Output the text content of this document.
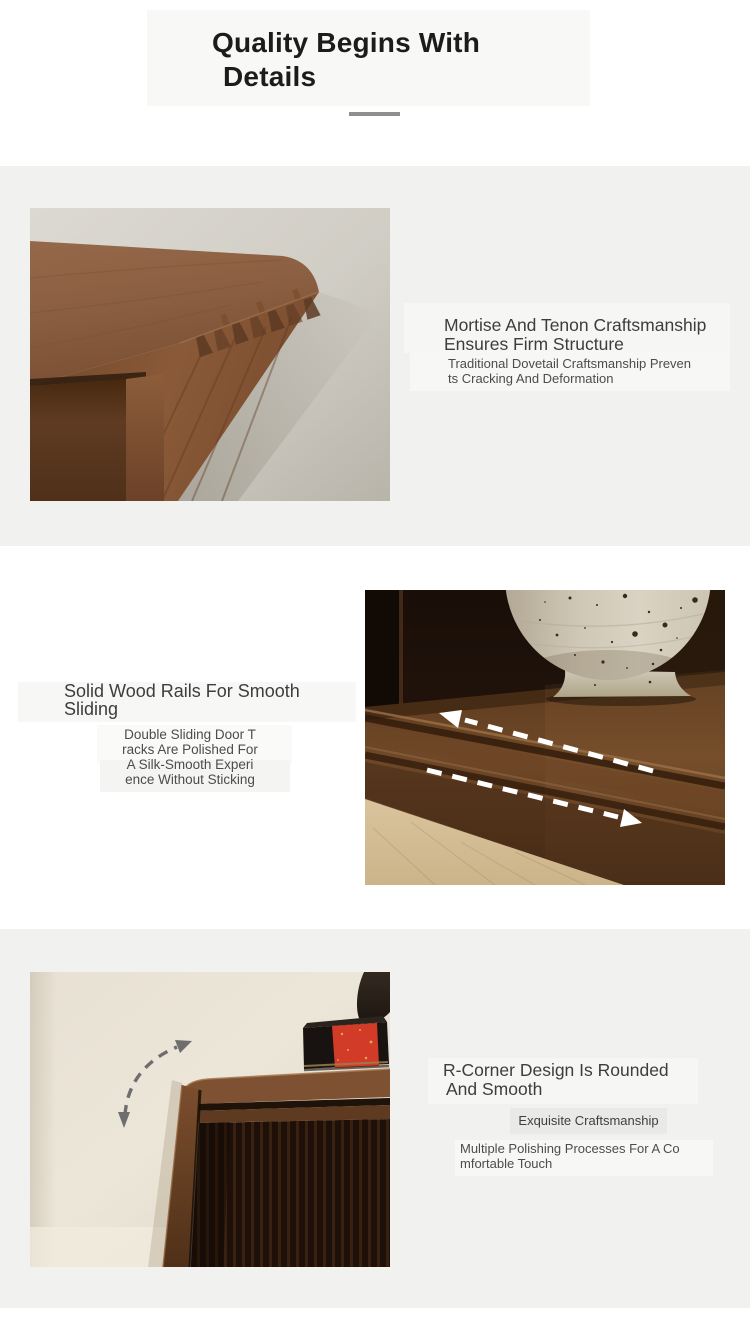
Quality Begins With
Details
Mortise And Tenon Craftsmanship
Ensures Firm Structure

Traditional Dovetail Craftsmanship Preven
ts Cracking And Deformation

Solid Wood Rails For Smooth
Sliding

Double Sliding Door T
racks Are Polished For
A Silk-Smooth Experi
ence Without Sticking

R-Corner Design Is Rounded
And Smooth
Exquisite Craftsmanship

Multiple Polishing Processes For A Co
mfortable Touch
